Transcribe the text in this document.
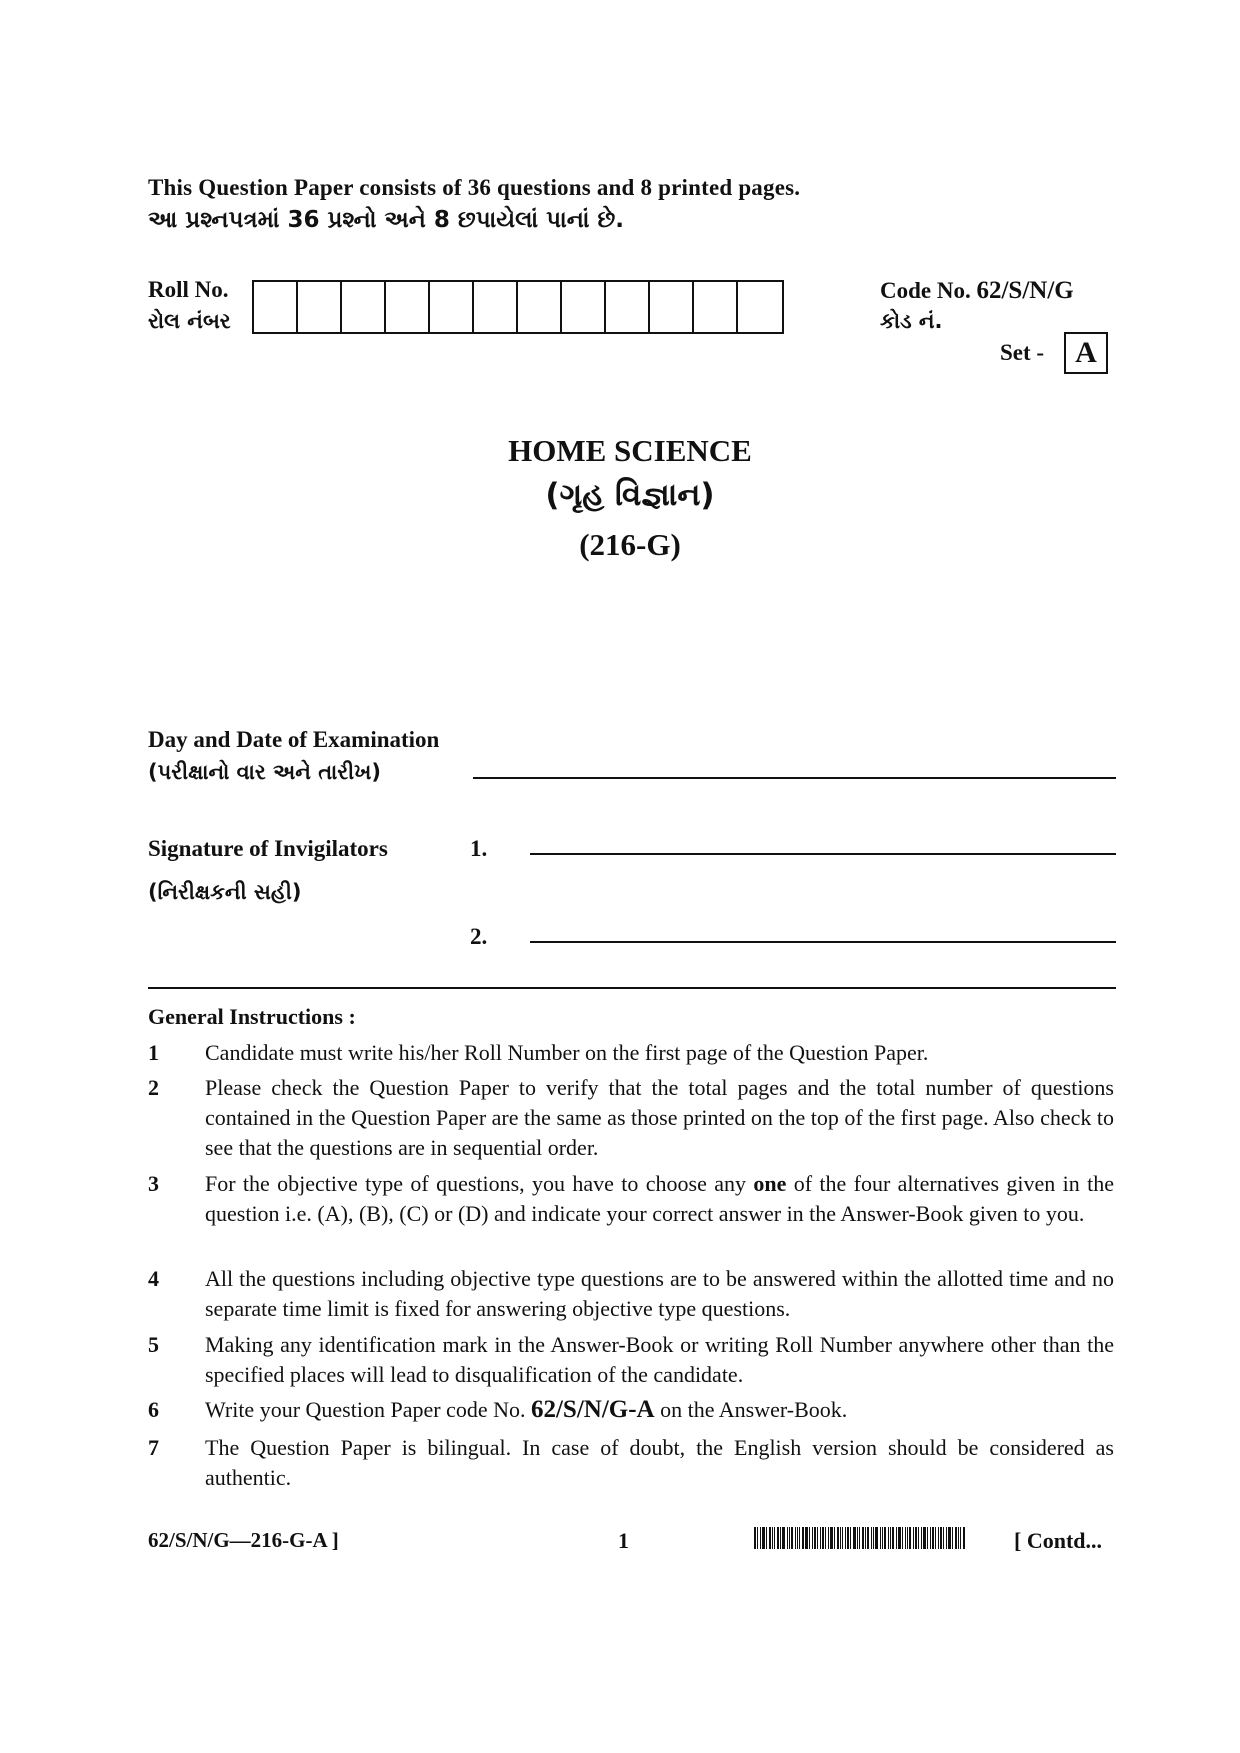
This Question Paper consists of 36 questions and 8 printed pages.
આ પ્રશ્નપત્રમાં 36 પ્રશ્નો અને 8 છપાયેલાં પાનાં છે.
Roll No.
રોલ નંબર
Code No. 62/S/N/G
કોડ નં.
Set -	A
HOME SCIENCE
(ગૃહ વિજ્ઞાન)
(216-G)
Day and Date of Examination
(પરીક્ષાનો વાર અને તારીખ)
Signature of Invigilators
(નિરીક્ષકની સહી)
1.
2.
General Instructions :
1 Candidate must write his/her Roll Number on the first page of the Question Paper.
2 Please check the Question Paper to verify that the total pages and the total number of questions contained in the Question Paper are the same as those printed on the top of the first page. Also check to see that the questions are in sequential order.
3 For the objective type of questions, you have to choose any one of the four alternatives given in the question i.e. (A), (B), (C) or (D) and indicate your correct answer in the Answer-Book given to you.
4 All the questions including objective type questions are to be answered within the allotted time and no separate time limit is fixed for answering objective type questions.
5 Making any identification mark in the Answer-Book or writing Roll Number anywhere other than the specified places will lead to disqualification of the candidate.
6 Write your Question Paper code No. 62/S/N/G-A on the Answer-Book.
7 The Question Paper is bilingual. In case of doubt, the English version should be considered as authentic.
62/S/N/G—216-G-A ]	1	[ Contd...
